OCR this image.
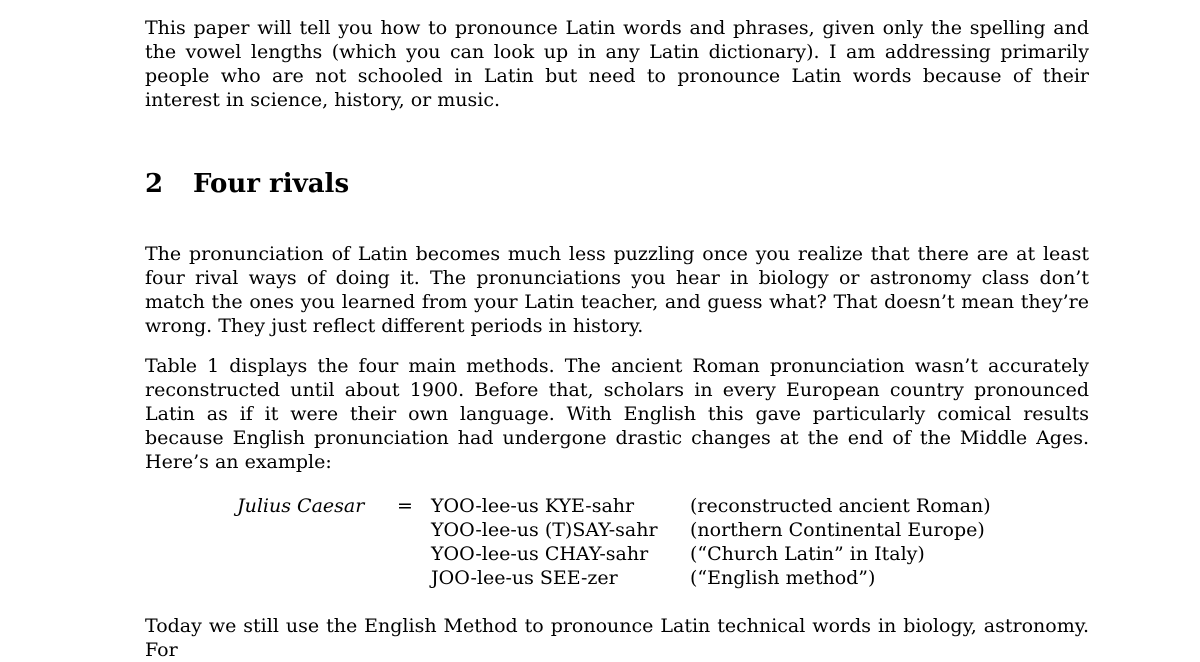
This paper will tell you how to pronounce Latin words and phrases, given only the spelling and the vowel lengths (which you can look up in any Latin dictionary). I am addressing primarily people who are not schooled in Latin but need to pronounce Latin words because of their interest in science, history, or music.

2 Four rivals

The pronunciation of Latin becomes much less puzzling once you realize that there are at least four rival ways of doing it. The pronunciations you hear in biology or astronomy class don’t match the ones you learned from your Latin teacher, and guess what? That doesn’t mean they’re wrong. They just reflect different periods in history.

Table 1 displays the four main methods. The ancient Roman pronunciation wasn’t accurately reconstructed until about 1900. Before that, scholars in every European country pronounced Latin as if it were their own language. With English this gave particularly comical results because English pronunciation had undergone drastic changes at the end of the Middle Ages. Here’s an example:

Julius Caesar	= YOO-lee-us KYE-sahr	(reconstructed ancient Roman)
YOO-lee-us (T)SAY-sahr	(northern Continental Europe)
YOO-lee-us CHAY-sahr	(“Church Latin” in Italy)
JOO-lee-us SEE-zer	(“English method”)

Today we still use the English Method to pronounce Latin technical words in biology, astronomy. For
